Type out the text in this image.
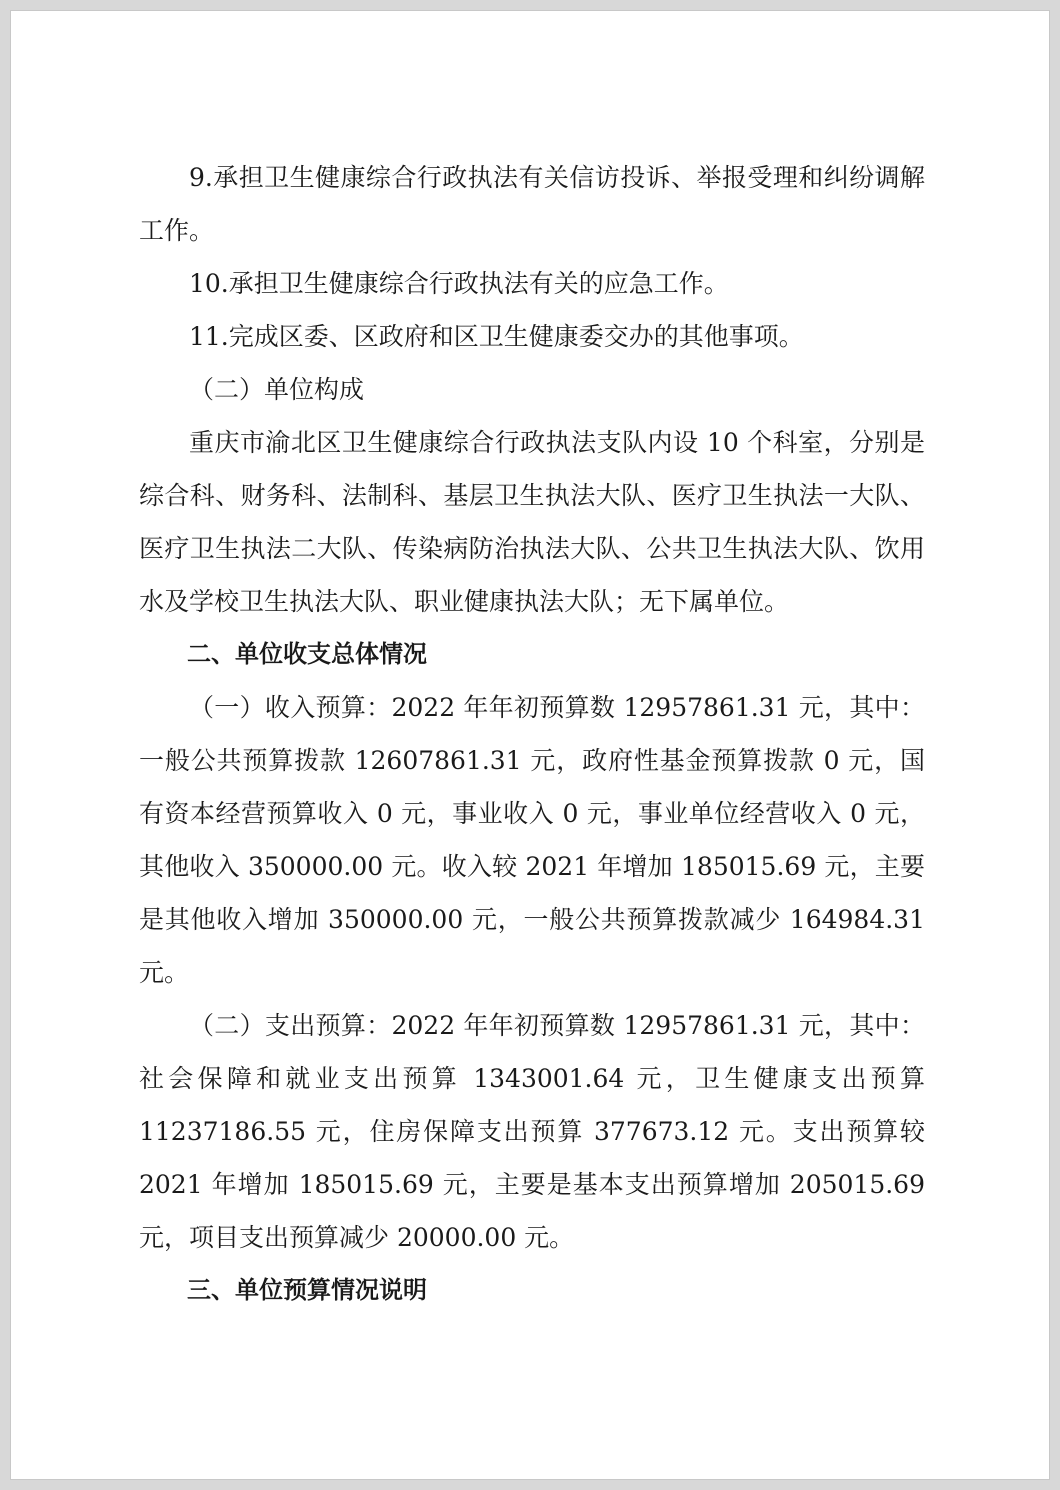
9.承担卫生健康综合行政执法有关信访投诉、举报受理和纠纷调解工作。

10.承担卫生健康综合行政执法有关的应急工作。

11.完成区委、区政府和区卫生健康委交办的其他事项。

（二）单位构成

重庆市渝北区卫生健康综合行政执法支队内设 10 个科室，分别是综合科、财务科、法制科、基层卫生执法大队、医疗卫生执法一大队、医疗卫生执法二大队、传染病防治执法大队、公共卫生执法大队、饮用水及学校卫生执法大队、职业健康执法大队；无下属单位。

二、单位收支总体情况

（一）收入预算：2022 年年初预算数 12957861.31 元，其中：一般公共预算拨款 12607861.31 元，政府性基金预算拨款 0 元，国有资本经营预算收入 0 元，事业收入 0 元，事业单位经营收入 0 元，其他收入 350000.00 元。收入较 2021 年增加 185015.69 元，主要是其他收入增加 350000.00 元，一般公共预算拨款减少 164984.31 元。

（二）支出预算：2022 年年初预算数 12957861.31 元，其中：社会保障和就业支出预算 1343001.64 元，卫生健康支出预算 11237186.55 元，住房保障支出预算 377673.12 元。支出预算较 2021 年增加 185015.69 元，主要是基本支出预算增加 205015.69 元，项目支出预算减少 20000.00 元。

三、单位预算情况说明
